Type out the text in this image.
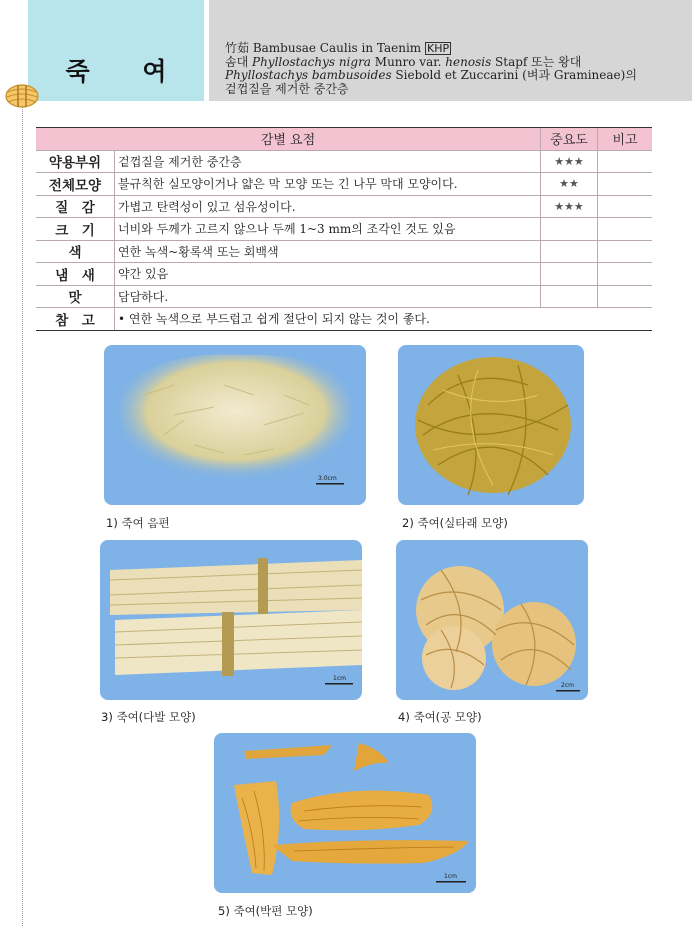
죽 여
竹茹 Bambusae Caulis in Taenim KHP
솜대 Phyllostachys nigra Munro var. henosis Stapf 또는 왕대
Phyllostachys bambusoides Siebold et Zuccarini (벼과 Gramineae)의
겉껍질을 제거한 중간층
감별 요점		중요도	비고
약용부위	겉껍질을 제거한 중간층	★★★	
전체모양	불규칙한 실모양이거나 얇은 막 모양 또는 긴 나무 막대 모양이다.	★★	
질　감	가볍고 탄력성이 있고 섬유성이다.	★★★	
크　기	너비와 두께가 고르지 않으나 두께 1~3 mm의 조각인 것도 있음		
색	연한 녹색~황록색 또는 회백색		
냄　새	약간 있음		
맛	담담하다.		
참　고	• 연한 녹색으로 부드럽고 쉽게 절단이 되지 않는 것이 좋다.		
3.0cm
1) 죽여 음편	2) 죽여(실타래 모양)
1cm
3) 죽여(다발 모양)
2cm
4) 죽여(공 모양)
1cm
5) 죽여(박편 모양)
